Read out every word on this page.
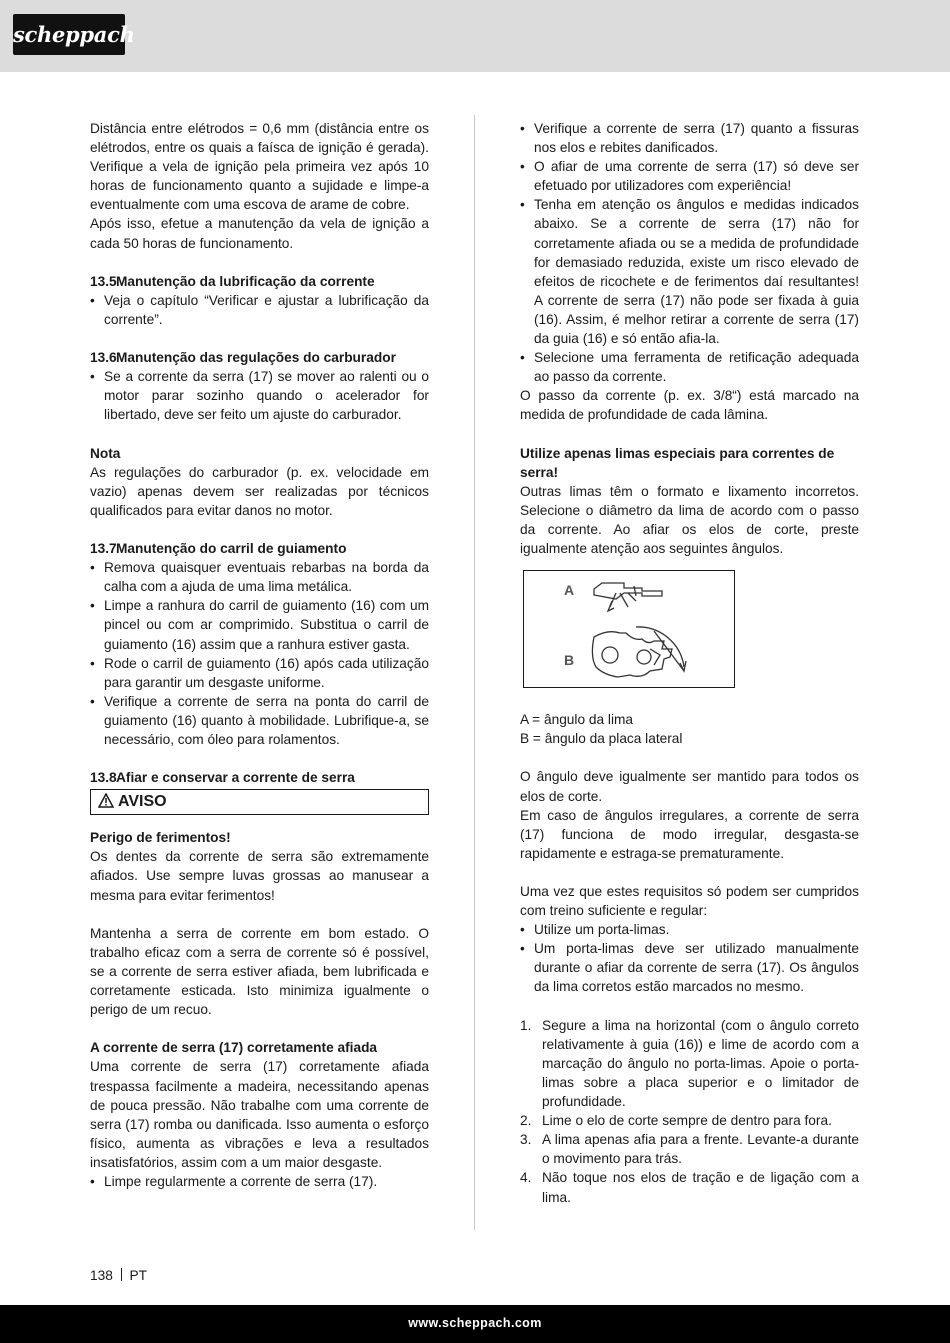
scheppach

Distância entre elétrodos = 0,6 mm (distância entre os elétrodos, entre os quais a faísca de ignição é gerada). Verifique a vela de ignição pela primeira vez após 10 horas de funcionamento quanto a sujidade e limpe-a eventualmente com uma escova de arame de cobre.

Após isso, efetue a manutenção da vela de ignição a cada 50 horas de funcionamento.

13.5Manutenção da lubrificação da corrente

• Veja o capítulo “Verificar e ajustar a lubrificação da corrente”.

13.6Manutenção das regulações do carburador

• Se a corrente da serra (17) se mover ao ralenti ou o motor parar sozinho quando o acelerador for libertado, deve ser feito um ajuste do carburador.

Nota

As regulações do carburador (p. ex. velocidade em vazio) apenas devem ser realizadas por técnicos qualificados para evitar danos no motor.

13.7Manutenção do carril de guiamento

• Remova quaisquer eventuais rebarbas na borda da calha com a ajuda de uma lima metálica.

• Limpe a ranhura do carril de guiamento (16) com um pincel ou com ar comprimido. Substitua o carril de guiamento (16) assim que a ranhura estiver gasta.

• Rode o carril de guiamento (16) após cada utilização para garantir um desgaste uniforme.

• Verifique a corrente de serra na ponta do carril de guiamento (16) quanto à mobilidade. Lubrifique-a, se necessário, com óleo para rolamentos.

13.8Afiar e conservar a corrente de serra

AVISO

Perigo de ferimentos!

Os dentes da corrente de serra são extremamente afiados. Use sempre luvas grossas ao manusear a mesma para evitar ferimentos!

Mantenha a serra de corrente em bom estado. O trabalho eficaz com a serra de corrente só é possível, se a corrente de serra estiver afiada, bem lubrificada e corretamente esticada. Isto minimiza igualmente o perigo de um recuo.

A corrente de serra (17) corretamente afiada

Uma corrente de serra (17) corretamente afiada trespassa facilmente a madeira, necessitando apenas de pouca pressão. Não trabalhe com uma corrente de serra (17) romba ou danificada. Isso aumenta o esforço físico, aumenta as vibrações e leva a resultados insatisfatórios, assim com a um maior desgaste.

• Limpe regularmente a corrente de serra (17).

• Verifique a corrente de serra (17) quanto a fissuras nos elos e rebites danificados.

• O afiar de uma corrente de serra (17) só deve ser efetuado por utilizadores com experiência!

• Tenha em atenção os ângulos e medidas indicados abaixo. Se a corrente de serra (17) não for corretamente afiada ou se a medida de profundidade for demasiado reduzida, existe um risco elevado de efeitos de ricochete e de ferimentos daí resultantes! A corrente de serra (17) não pode ser fixada à guia (16). Assim, é melhor retirar a corrente de serra (17) da guia (16) e só então afia-la.

• Selecione uma ferramenta de retificação adequada ao passo da corrente.

O passo da corrente (p. ex. 3/8“) está marcado na medida de profundidade de cada lâmina.

Utilize apenas limas especiais para correntes de serra!

Outras limas têm o formato e lixamento incorretos. Selecione o diâmetro da lima de acordo com o passo da corrente. Ao afiar os elos de corte, preste igualmente atenção aos seguintes ângulos.

A
B

A = ângulo da lima

B = ângulo da placa lateral

O ângulo deve igualmente ser mantido para todos os elos de corte.

Em caso de ângulos irregulares, a corrente de serra (17) funciona de modo irregular, desgasta-se rapidamente e estraga-se prematuramente.

Uma vez que estes requisitos só podem ser cumpridos com treino suficiente e regular:

• Utilize um porta-limas.

• Um porta-limas deve ser utilizado manualmente durante o afiar da corrente de serra (17). Os ângulos da lima corretos estão marcados no mesmo.

1. Segure a lima na horizontal (com o ângulo correto relativamente à guia (16)) e lime de acordo com a marcação do ângulo no porta-limas. Apoie o porta-limas sobre a placa superior e o limitador de profundidade.

2. Lime o elo de corte sempre de dentro para fora.

3. A lima apenas afia para a frente. Levante-a durante o movimento para trás.

4. Não toque nos elos de tração e de ligação com a lima.

138 PT
www.scheppach.com
